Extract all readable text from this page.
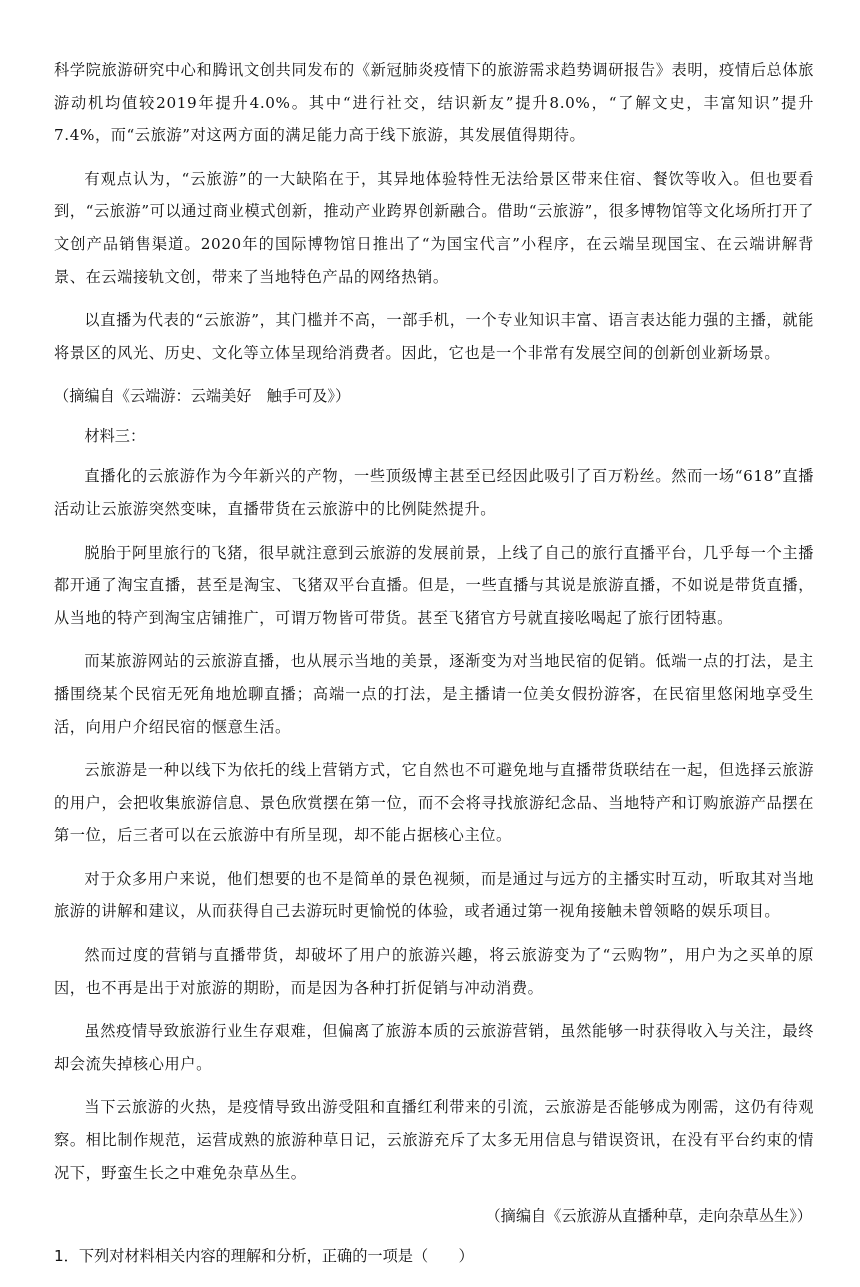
科学院旅游研究中心和腾讯文创共同发布的《新冠肺炎疫情下的旅游需求趋势调研报告》表明，疫情后总体旅游动机均值较2019年提升4.0%。其中“进行社交，结识新友”提升8.0%，“了解文史，丰富知识”提升7.4%，而“云旅游”对这两方面的满足能力高于线下旅游，其发展值得期待。

有观点认为，“云旅游”的一大缺陷在于，其异地体验特性无法给景区带来住宿、餐饮等收入。但也要看到，“云旅游”可以通过商业模式创新，推动产业跨界创新融合。借助“云旅游”，很多博物馆等文化场所打开了文创产品销售渠道。2020年的国际博物馆日推出了“为国宝代言”小程序，在云端呈现国宝、在云端讲解背景、在云端接轨文创，带来了当地特色产品的网络热销。

以直播为代表的“云旅游”，其门槛并不高，一部手机，一个专业知识丰富、语言表达能力强的主播，就能将景区的风光、历史、文化等立体呈现给消费者。因此，它也是一个非常有发展空间的创新创业新场景。

（摘编自《云端游：云端美好　触手可及》）

材料三：

直播化的云旅游作为今年新兴的产物，一些顶级博主甚至已经因此吸引了百万粉丝。然而一场“618”直播活动让云旅游突然变味，直播带货在云旅游中的比例陡然提升。

脱胎于阿里旅行的飞猪，很早就注意到云旅游的发展前景，上线了自己的旅行直播平台，几乎每一个主播都开通了淘宝直播，甚至是淘宝、飞猪双平台直播。但是，一些直播与其说是旅游直播，不如说是带货直播，从当地的特产到淘宝店铺推广，可谓万物皆可带货。甚至飞猪官方号就直接吆喝起了旅行团特惠。

而某旅游网站的云旅游直播，也从展示当地的美景，逐渐变为对当地民宿的促销。低端一点的打法，是主播围绕某个民宿无死角地尬聊直播；高端一点的打法，是主播请一位美女假扮游客，在民宿里悠闲地享受生活，向用户介绍民宿的惬意生活。

云旅游是一种以线下为依托的线上营销方式，它自然也不可避免地与直播带货联结在一起，但选择云旅游的用户，会把收集旅游信息、景色欣赏摆在第一位，而不会将寻找旅游纪念品、当地特产和订购旅游产品摆在第一位，后三者可以在云旅游中有所呈现，却不能占据核心主位。

对于众多用户来说，他们想要的也不是简单的景色视频，而是通过与远方的主播实时互动，听取其对当地旅游的讲解和建议，从而获得自己去游玩时更愉悦的体验，或者通过第一视角接触未曾领略的娱乐项目。

然而过度的营销与直播带货，却破坏了用户的旅游兴趣，将云旅游变为了“云购物”，用户为之买单的原因，也不再是出于对旅游的期盼，而是因为各种打折促销与冲动消费。

虽然疫情导致旅游行业生存艰难，但偏离了旅游本质的云旅游营销，虽然能够一时获得收入与关注，最终却会流失掉核心用户。

当下云旅游的火热，是疫情导致出游受阻和直播红利带来的引流，云旅游是否能够成为刚需，这仍有待观察。相比制作规范，运营成熟的旅游种草日记，云旅游充斥了太多无用信息与错误资讯，在没有平台约束的情况下，野蛮生长之中难免杂草丛生。

（摘编自《云旅游从直播种草，走向杂草丛生》）

1．下列对材料相关内容的理解和分析，正确的一项是（　　）
